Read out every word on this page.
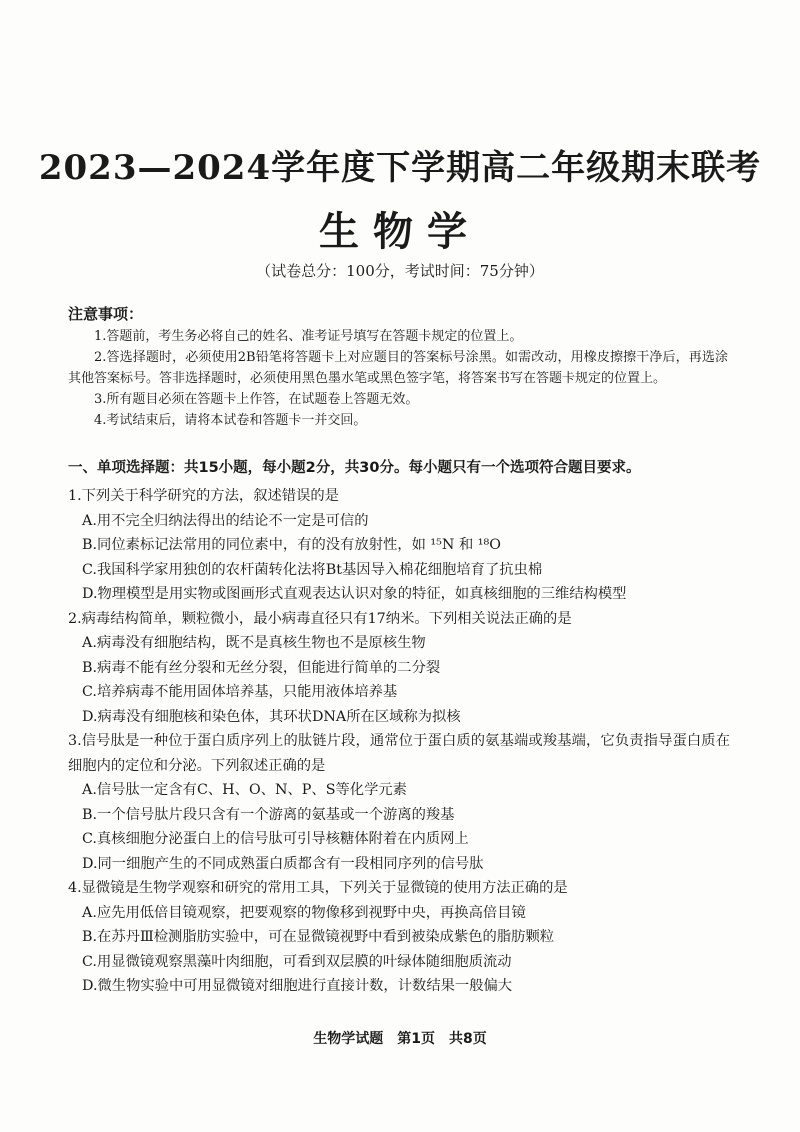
2023—2024学年度下学期高二年级期末联考
生物学
（试卷总分：100分，考试时间：75分钟）
注意事项：
1.答题前，考生务必将自己的姓名、准考证号填写在答题卡规定的位置上。
2.答选择题时，必须使用2B铅笔将答题卡上对应题目的答案标号涂黑。如需改动，用橡皮擦擦干净后，再选涂其他答案标号。答非选择题时，必须使用黑色墨水笔或黑色签字笔，将答案书写在答题卡规定的位置上。
3.所有题目必须在答题卡上作答，在试题卷上答题无效。
4.考试结束后，请将本试卷和答题卡一并交回。
一、单项选择题：共15小题，每小题2分，共30分。每小题只有一个选项符合题目要求。
1.下列关于科学研究的方法，叙述错误的是
A.用不完全归纳法得出的结论不一定是可信的
B.同位素标记法常用的同位素中，有的没有放射性，如 ¹⁵N 和 ¹⁸O
C.我国科学家用独创的农杆菌转化法将Bt基因导入棉花细胞培育了抗虫棉
D.物理模型是用实物或图画形式直观表达认识对象的特征，如真核细胞的三维结构模型
2.病毒结构简单，颗粒微小，最小病毒直径只有17纳米。下列相关说法正确的是
A.病毒没有细胞结构，既不是真核生物也不是原核生物
B.病毒不能有丝分裂和无丝分裂，但能进行简单的二分裂
C.培养病毒不能用固体培养基，只能用液体培养基
D.病毒没有细胞核和染色体，其环状DNA所在区域称为拟核
3.信号肽是一种位于蛋白质序列上的肽链片段，通常位于蛋白质的氨基端或羧基端，它负责指导蛋白质在细胞内的定位和分泌。下列叙述正确的是
A.信号肽一定含有C、H、O、N、P、S等化学元素
B.一个信号肽片段只含有一个游离的氨基或一个游离的羧基
C.真核细胞分泌蛋白上的信号肽可引导核糖体附着在内质网上
D.同一细胞产生的不同成熟蛋白质都含有一段相同序列的信号肽
4.显微镜是生物学观察和研究的常用工具，下列关于显微镜的使用方法正确的是
A.应先用低倍目镜观察，把要观察的物像移到视野中央，再换高倍目镜
B.在苏丹Ⅲ检测脂肪实验中，可在显微镜视野中看到被染成紫色的脂肪颗粒
C.用显微镜观察黑藻叶肉细胞，可看到双层膜的叶绿体随细胞质流动
D.微生物实验中可用显微镜对细胞进行直接计数，计数结果一般偏大
生物学试题　第1页　共8页
